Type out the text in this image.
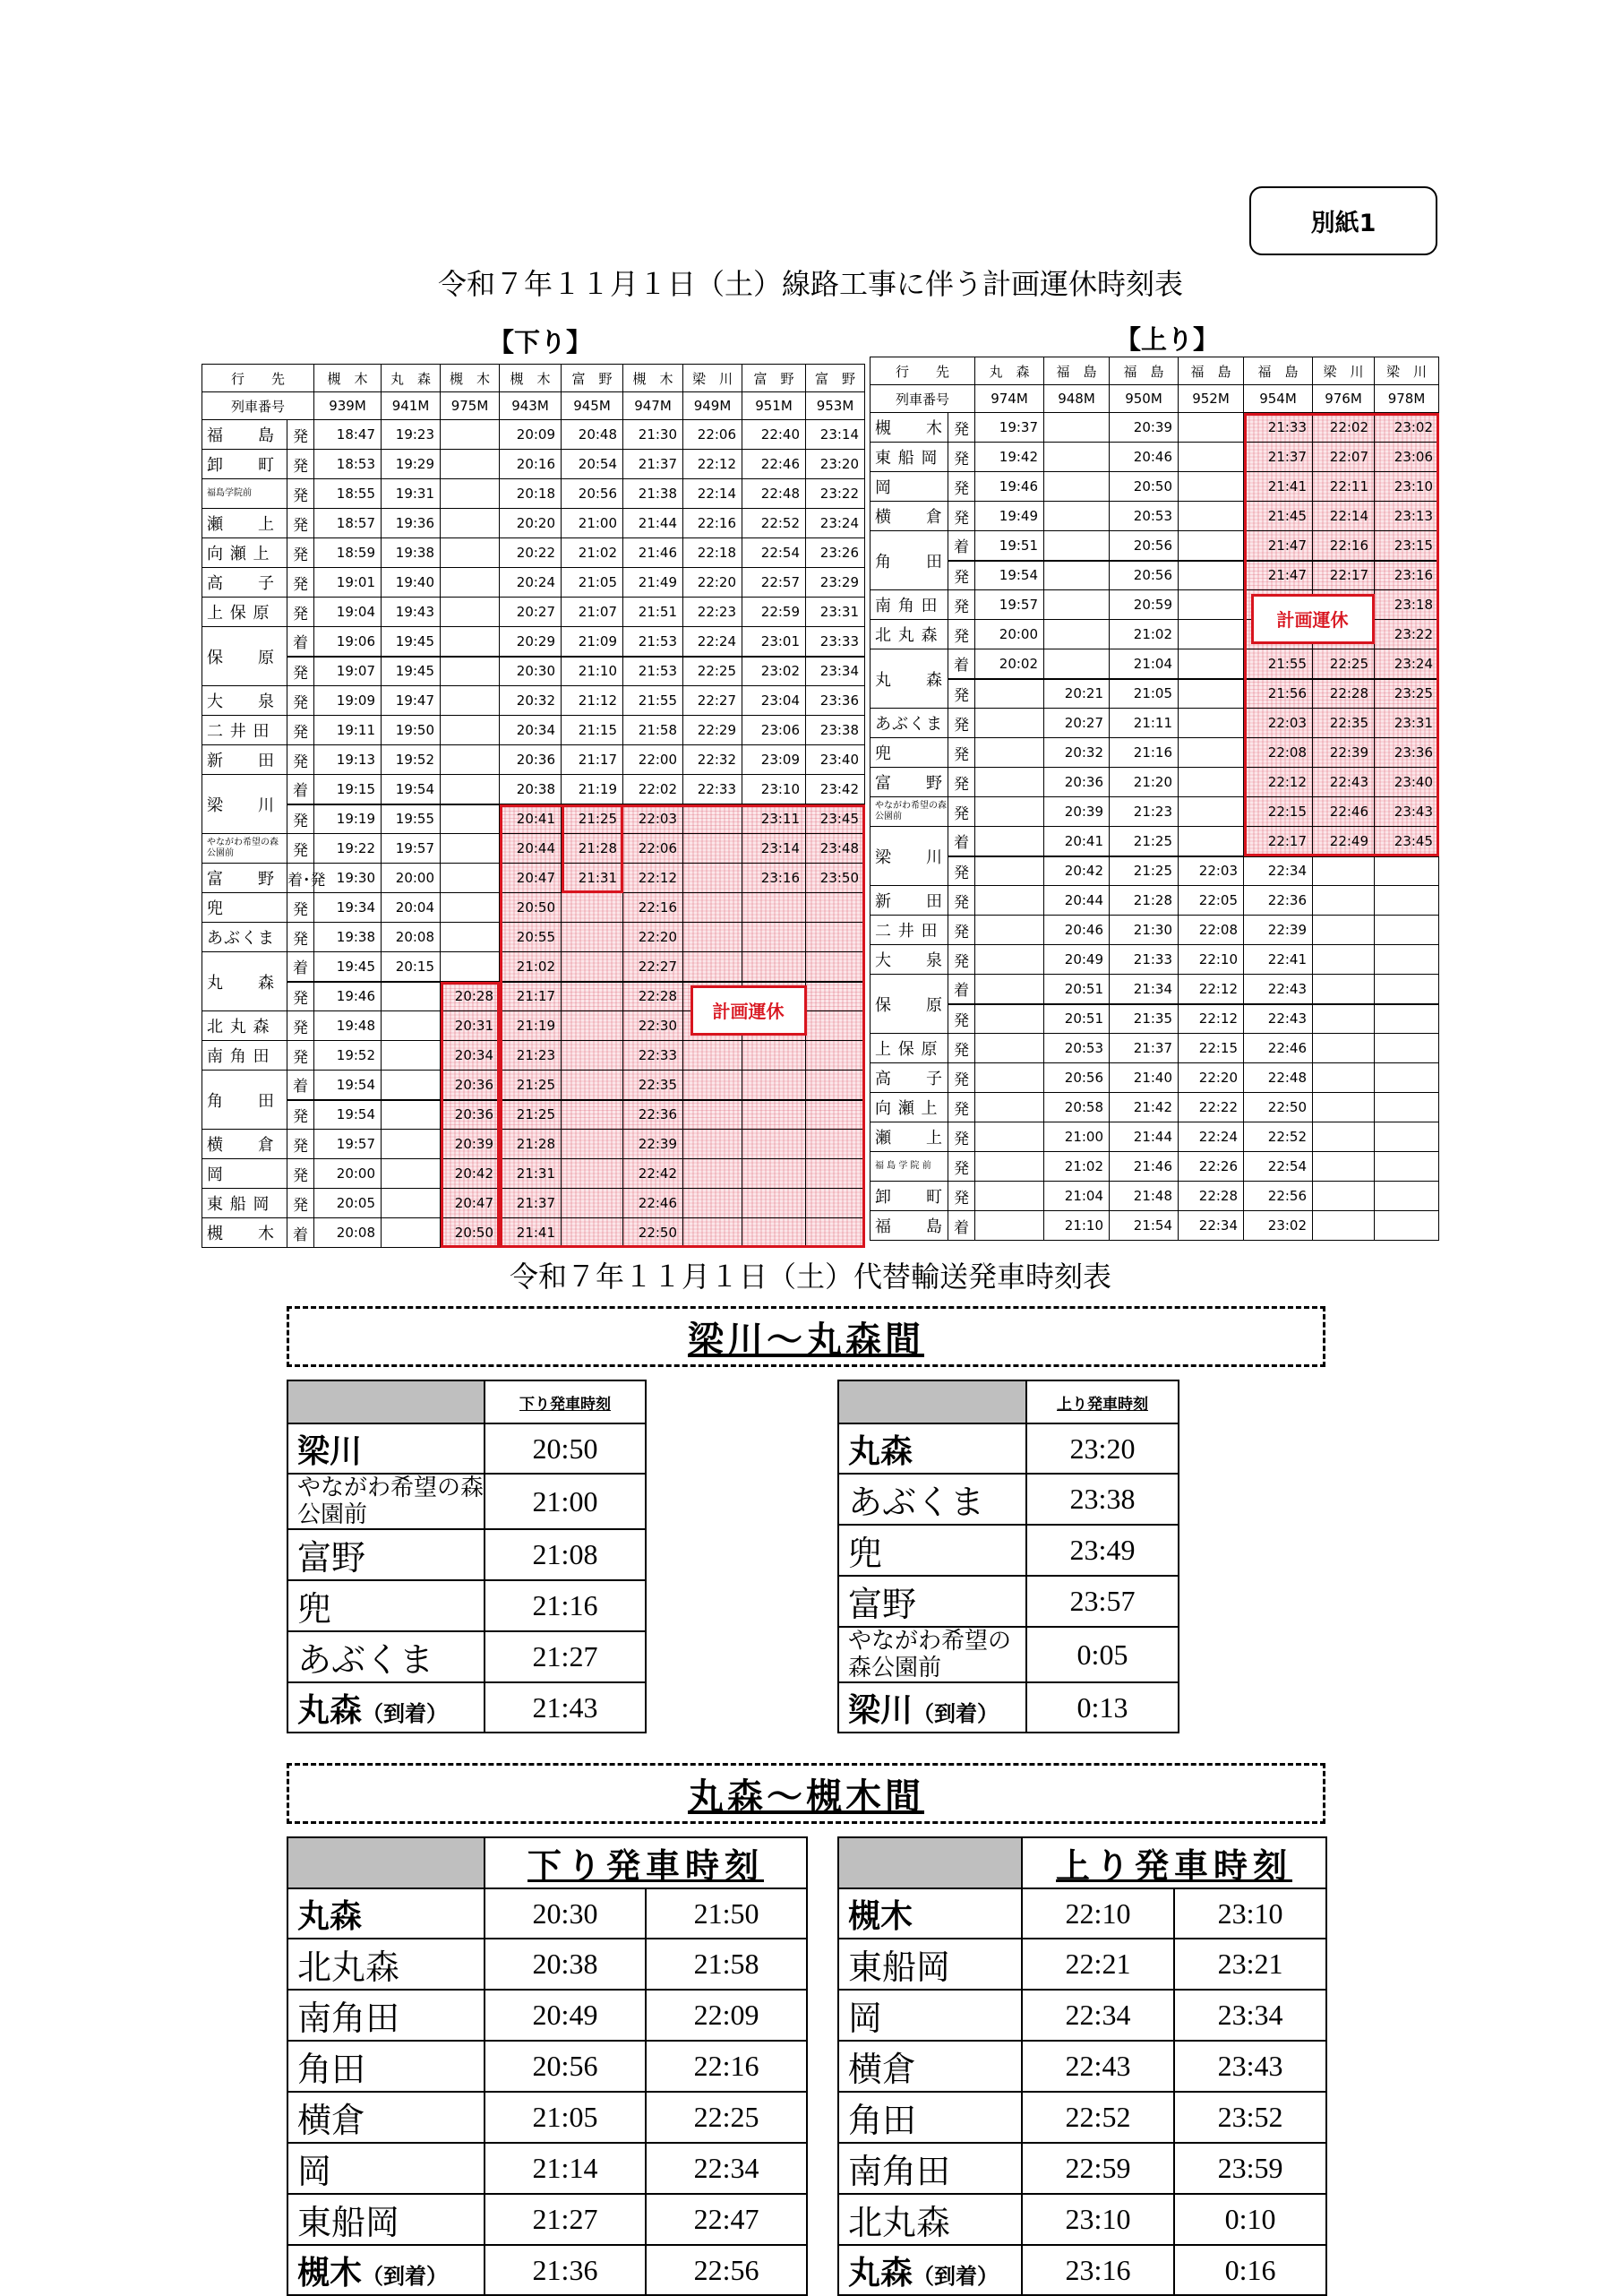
別紙1
令和７年１１月１日（土）線路工事に伴う計画運休時刻表
【下り】	【上り】
行　　先		槻　木	丸　森	槻　木	槻　木	富　野	槻　木	梁　川	富　野	富　野
列車番号		939M	941M	975M	943M	945M	947M	949M	951M	953M
福　　島	発	18:47	19:23		20:09	20:48	21:30	22:06	22:40	23:14
卸　　町	発	18:53	19:29		20:16	20:54	21:37	22:12	22:46	23:20
福島学院前	発	18:55	19:31		20:18	20:56	21:38	22:14	22:48	23:22
瀬　　上	発	18:57	19:36		20:20	21:00	21:44	22:16	22:52	23:24
向 瀬 上	発	18:59	19:38		20:22	21:02	21:46	22:18	22:54	23:26
高　　子	発	19:01	19:40		20:24	21:05	21:49	22:20	22:57	23:29
上 保 原	発	19:04	19:43		20:27	21:07	21:51	22:23	22:59	23:31
保　　原	着	19:06	19:45		20:29	21:09	21:53	22:24	23:01	23:33
	発	19:07	19:45		20:30	21:10	21:53	22:25	23:02	23:34
大　　泉	発	19:09	19:47		20:32	21:12	21:55	22:27	23:04	23:36
二 井 田	発	19:11	19:50		20:34	21:15	21:58	22:29	23:06	23:38
新　　田	発	19:13	19:52		20:36	21:17	22:00	22:32	23:09	23:40
梁　　川	着	19:15	19:54		20:38	21:19	22:02	22:33	23:10	23:42
	発	19:19	19:55		20:41	21:25	22:03		23:11	23:45
やながわ希望の森公園前	発	19:22	19:57		20:44	21:28	22:06		23:14	23:48
富　　野	着･発	19:30	20:00		20:47	21:31	22:12		23:16	23:50
兜	発	19:34	20:04		20:50		22:16			
あぶくま	発	19:38	20:08		20:55		22:20			
丸　　森	着	19:45	20:15		21:02		22:27			
	発	19:46		20:28	21:17		22:28			
北 丸 森	発	19:48		20:31	21:19		22:30			
南 角 田	発	19:52		20:34	21:23		22:33			
角　　田	着	19:54		20:36	21:25		22:35			
	発	19:54		20:36	21:25		22:36			
横　　倉	発	19:57		20:39	21:28		22:39			
岡	発	20:00		20:42	21:31		22:42			
東 船 岡	発	20:05		20:47	21:37		22:46			
槻　　木	着	20:08		20:50	21:41		22:50			
行　　先		丸　森	福　島	福　島	福　島	福　島	梁　川	梁　川
列車番号		974M	948M	950M	952M	954M	976M	978M
槻　　木	発	19:37		20:39		21:33	22:02	23:02
東 船 岡	発	19:42		20:46		21:37	22:07	23:06
岡	発	19:46		20:50		21:41	22:11	23:10
横　　倉	発	19:49		20:53		21:45	22:14	23:13
角　　田	着	19:51		20:56		21:47	22:16	23:15
	発	19:54		20:56		21:47	22:17	23:16
南 角 田	発	19:57		20:59				23:18
北 丸 森	発	20:00		21:02				23:22
丸　　森	着	20:02		21:04		21:55	22:25	23:24
	発		20:21	21:05		21:56	22:28	23:25
あぶくま	発		20:27	21:11		22:03	22:35	23:31
兜	発		20:32	21:16		22:08	22:39	23:36
富　　野	発		20:36	21:20		22:12	22:43	23:40
やながわ希望の森公園前	発		20:39	21:23		22:15	22:46	23:43
梁　　川	着		20:41	21:25		22:17	22:49	23:45
	発		20:42	21:25	22:03	22:34		
新　　田	発		20:44	21:28	22:05	22:36		
二 井 田	発		20:46	21:30	22:08	22:39		
大　　泉	発		20:49	21:33	22:10	22:41		
保　　原	着		20:51	21:34	22:12	22:43		
	発		20:51	21:35	22:12	22:43		
上 保 原	発		20:53	21:37	22:15	22:46		
高　　子	発		20:56	21:40	22:20	22:48		
向 瀬 上	発		20:58	21:42	22:22	22:50		
瀬　　上	発		21:00	21:44	22:24	22:52		
福 島 学 院 前	発		21:02	21:46	22:26	22:54		
卸　　町	発		21:04	21:48	22:28	22:56		
福　　島	着		21:10	21:54	22:34	23:02		
計画運休
計画運休
令和７年１１月１日（土）代替輸送発車時刻表
梁川～丸森間
	下り発車時刻
梁川	20:50
やながわ希望の森公園前	21:00
富野	21:08
兜	21:16
あぶくま	21:27
丸森（到着）	21:43
	上り発車時刻
丸森	23:20
あぶくま	23:38
兜	23:49
富野	23:57
やながわ希望の森公園前	0:05
梁川（到着）	0:13
丸森～槻木間
	下り発車時刻	
丸森	20:30	21:50
北丸森	20:38	21:58
南角田	20:49	22:09
角田	20:56	22:16
横倉	21:05	22:25
岡	21:14	22:34
東船岡	21:27	22:47
槻木（到着）	21:36	22:56
	上り発車時刻	
槻木	22:10	23:10
東船岡	22:21	23:21
岡	22:34	23:34
横倉	22:43	23:43
角田	22:52	23:52
南角田	22:59	23:59
北丸森	23:10	0:10
丸森（到着）	23:16	0:16
